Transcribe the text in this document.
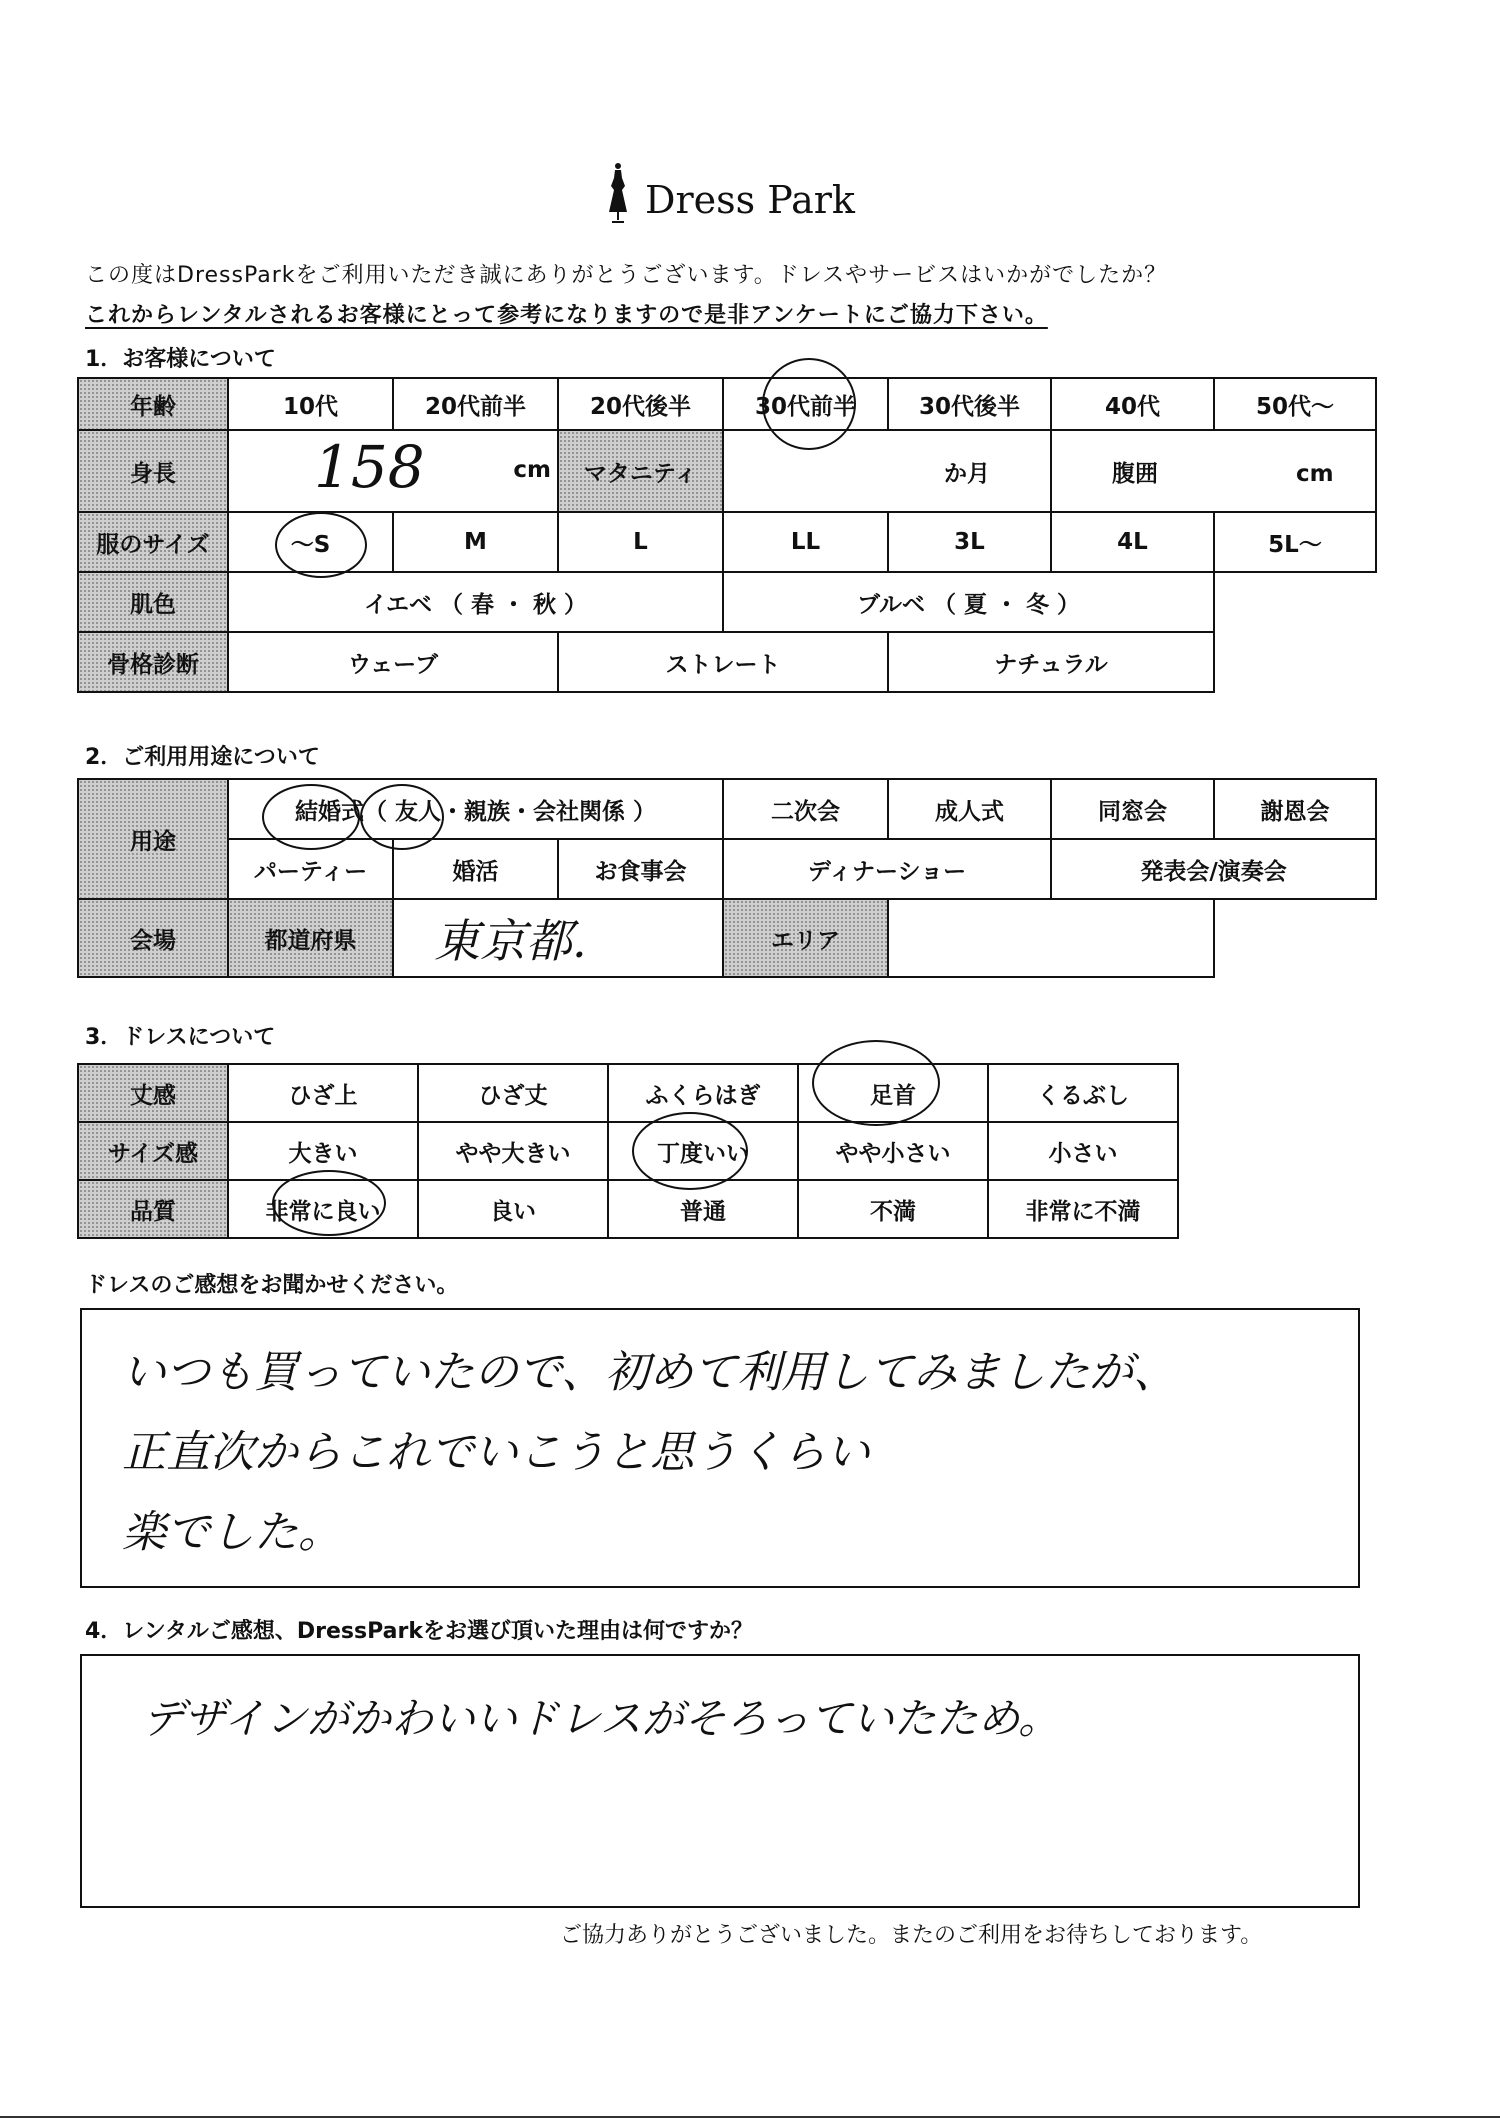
Dress Park
この度はDressParkをご利用いただき誠にありがとうございます。ドレスやサービスはいかがでしたか？
これからレンタルされるお客様にとって参考になりますので是非アンケートにご協力下さい。
1．お客様について
年齢	10代	20代前半	20代後半	30代前半	30代後半	40代	50代〜
身長	158 cm		マタニティ	か月		腹囲 cm	
服のサイズ	〜S	M	L	LL	3L	4L	5L〜
肌色	イエベ （ 春 ・ 秋 ）			ブルベ （ 夏 ・ 冬 ）			
骨格診断	ウェーブ		ストレート		ナチュラル		
2．ご利用用途について
用途	結婚式（ 友人・親族・会社関係 ）			二次会	成人式	同窓会	謝恩会
	パーティー	婚活	お食事会	ディナーショー		発表会/演奏会	
会場	都道府県	東京都.		エリア			
3．ドレスについて
丈感	ひざ上	ひざ丈	ふくらはぎ	足首	くるぶし
サイズ感	大きい	やや大きい	丁度いい	やや小さい	小さい
品質	非常に良い	良い	普通	不満	非常に不満
ドレスのご感想をお聞かせください。
いつも買っていたので、初めて利用してみましたが、
正直次からこれでいこうと思うくらい
楽でした。
4．レンタルご感想、DressParkをお選び頂いた理由は何ですか？
デザインがかわいいドレスがそろっていたため。
ご協力ありがとうございました。またのご利用をお待ちしております。
